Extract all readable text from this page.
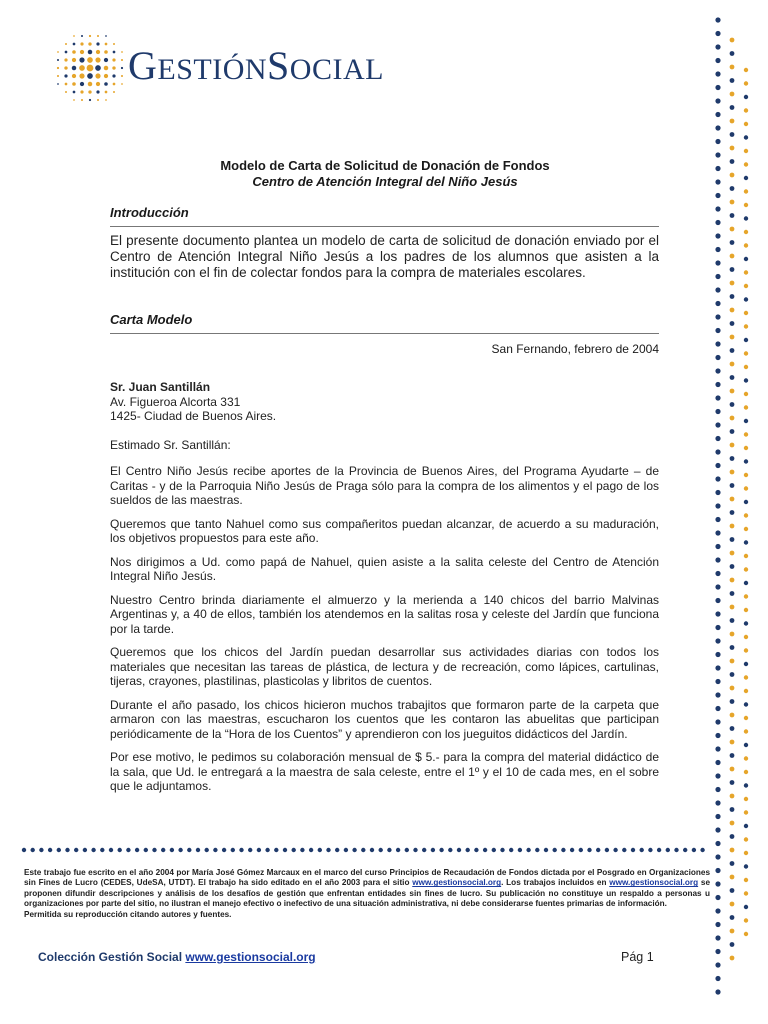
GESTIÓNSOCIAL
Modelo de Carta de Solicitud de Donación de Fondos
Centro de Atención Integral del Niño Jesús
Introducción
El presente documento plantea un modelo de carta de solicitud de donación enviado por el Centro de Atención Integral Niño Jesús a los padres de los alumnos que asisten a la institución con el fin de colectar fondos para la compra de materiales escolares.
Carta Modelo
San Fernando, febrero de 2004
Sr. Juan Santillán
Av. Figueroa Alcorta 331
1425- Ciudad de Buenos Aires.

Estimado Sr. Santillán:

El Centro Niño Jesús recibe aportes de la Provincia de Buenos Aires, del Programa Ayudarte – de Caritas - y de la Parroquia Niño Jesús de Praga sólo para la compra de los alimentos y el pago de los sueldos de las maestras.

Queremos que tanto Nahuel como sus compañeritos puedan alcanzar, de acuerdo a su maduración, los objetivos propuestos para este año.

Nos dirigimos a Ud. como papá de Nahuel, quien asiste a la salita celeste del Centro de Atención Integral Niño Jesús.

Nuestro Centro brinda diariamente el almuerzo y la merienda a 140 chicos del barrio Malvinas Argentinas y, a 40 de ellos, también los atendemos en la salitas rosa y celeste del Jardín que funciona por la tarde.

Queremos que los chicos del Jardín puedan desarrollar sus actividades diarias con todos los materiales que necesitan las tareas de plástica, de lectura y de recreación, como lápices, cartulinas, tijeras, crayones, plastilinas, plasticolas y libritos de cuentos.

Durante el año pasado, los chicos hicieron muchos trabajitos que formaron parte de la carpeta que armaron con las maestras, escucharon los cuentos que les contaron las abuelitas que participan periódicamente de la “Hora de los Cuentos” y aprendieron con los jueguitos didácticos del Jardín.

Por ese motivo, le pedimos su colaboración mensual de $ 5.- para la compra del material didáctico de la sala, que Ud. le entregará a la maestra de sala celeste, entre el 1º y el 10 de cada mes, en el sobre que le adjuntamos.

Este trabajo fue escrito en el año 2004 por María José Gómez Marcaux en el marco del curso Principios de Recaudación de Fondos dictada por el Posgrado en Organizaciones sin Fines de Lucro (CEDES, UdeSA, UTDT). El trabajo ha sido editado en el año 2003 para el sitio www.gestionsocial.org. Los trabajos incluidos en www.gestionsocial.org se proponen difundir descripciones y análisis de los desafíos de gestión que enfrentan entidades sin fines de lucro. Su publicación no constituye un respaldo a personas u organizaciones por parte del sitio, no ilustran el manejo efectivo o inefectivo de una situación administrativa, ni debe considerarse fuentes primarias de información.
Permitida su reproducción citando autores y fuentes.
Colección Gestión Social www.gestionsocial.org	Pág 1
